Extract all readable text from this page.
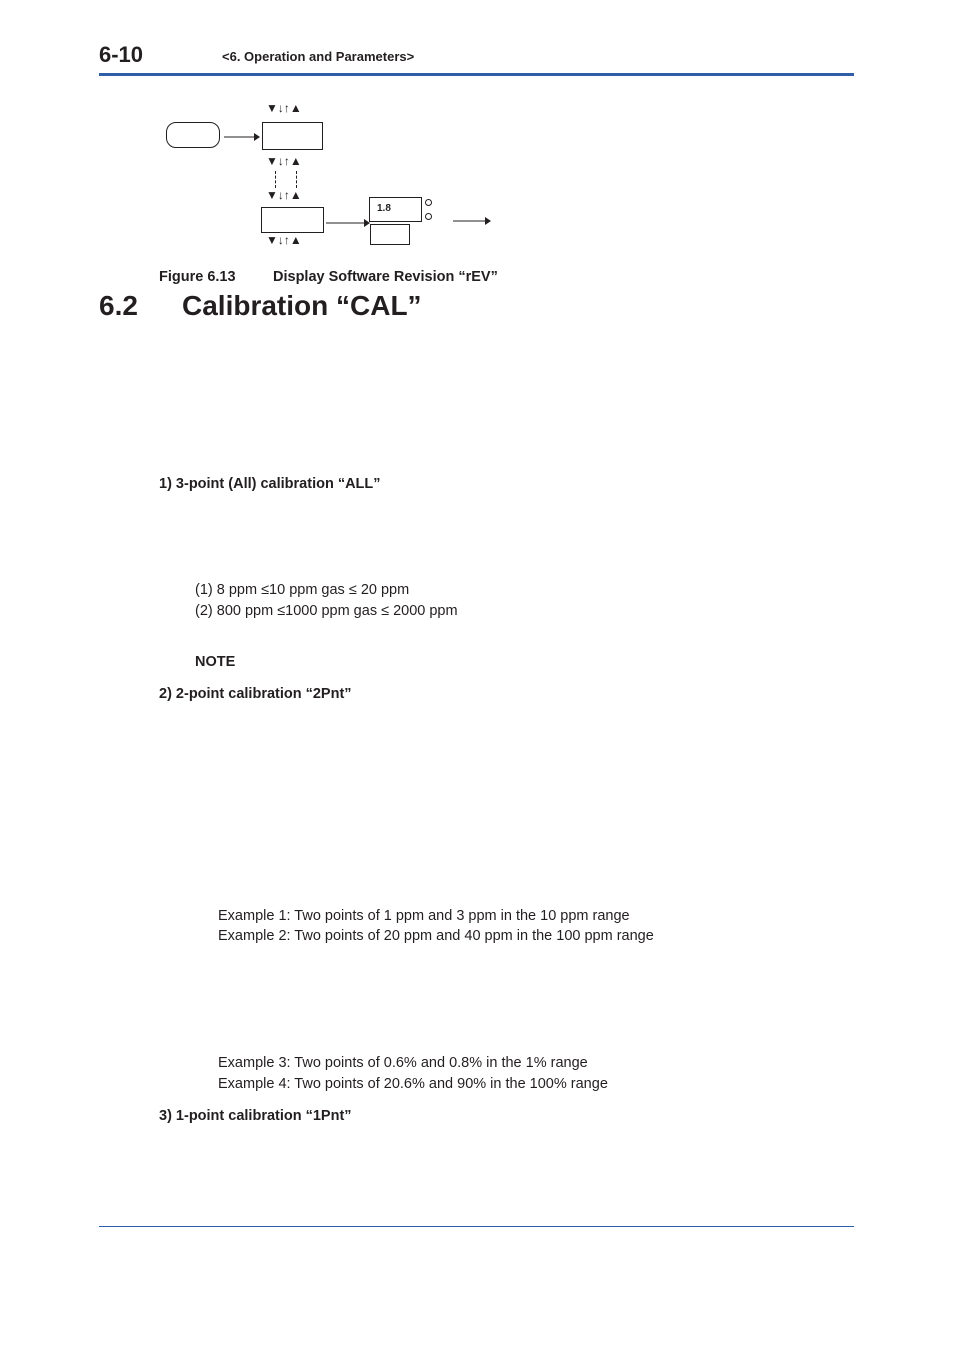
6-10	<6. Operation and Parameters>
▼↓↑▲
▼↓↑▲
▼↓↑▲
▼↓↑▲
1.8
Figure 6.13	Display Software Revision “rEV”
6.2 Calibration “CAL”
1) 3-point (All) calibration “ALL”
(1) 8 ppm ≤10 ppm gas ≤ 20 ppm
(2) 800 ppm ≤1000 ppm gas ≤ 2000 ppm
NOTE
2) 2-point calibration “2Pnt”
Example 1: Two points of 1 ppm and 3 ppm in the 10 ppm range
Example 2: Two points of 20 ppm and 40 ppm in the 100 ppm range
Example 3: Two points of 0.6% and 0.8% in the 1% range
Example 4: Two points of 20.6% and 90% in the 100% range
3) 1-point calibration “1Pnt”
